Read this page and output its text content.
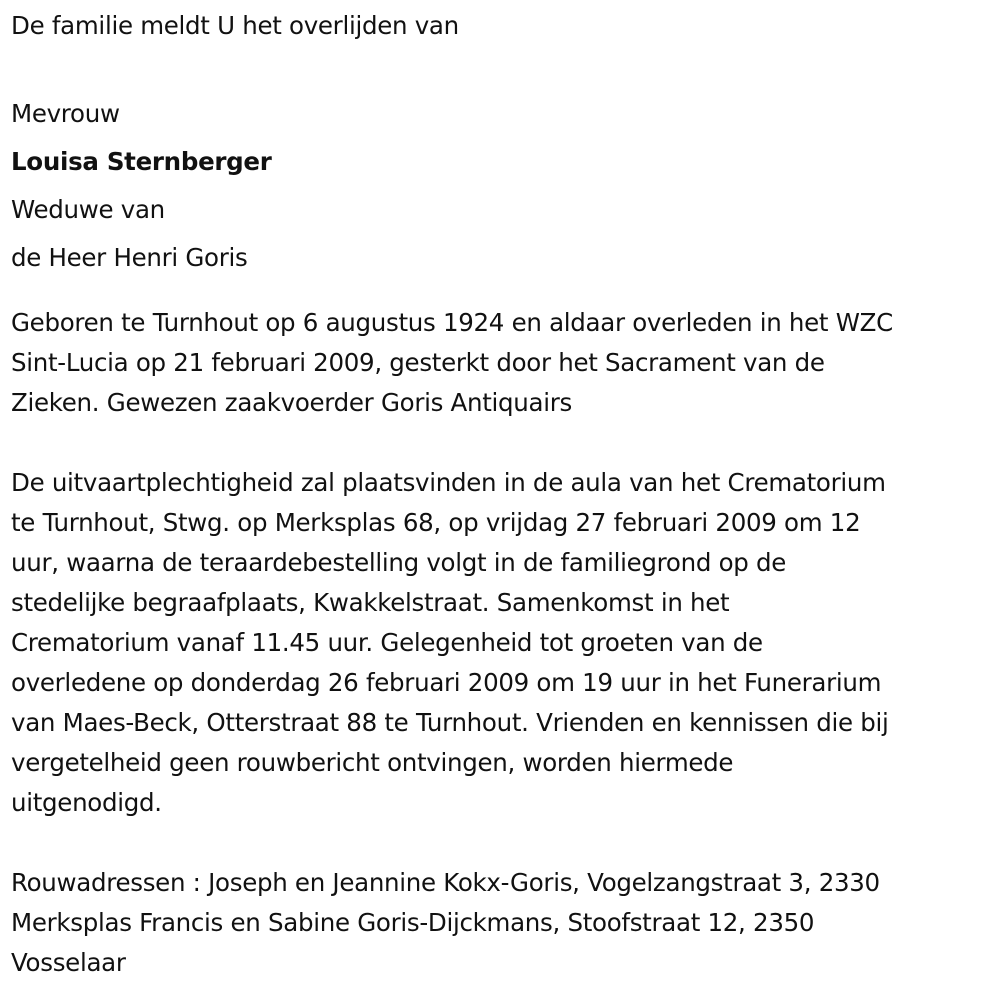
De familie meldt U het overlijden van
Mevrouw
Louisa Sternberger
Weduwe van
de Heer Henri Goris
Geboren te Turnhout op 6 augustus 1924 en aldaar overleden in het WZC
Sint-Lucia op 21 februari 2009, gesterkt door het Sacrament van de
Zieken. Gewezen zaakvoerder Goris Antiquairs
De uitvaartplechtigheid zal plaatsvinden in de aula van het Crematorium
te Turnhout, Stwg. op Merksplas 68, op vrijdag 27 februari 2009 om 12
uur, waarna de teraardebestelling volgt in de familiegrond op de
stedelijke begraafplaats, Kwakkelstraat. Samenkomst in het
Crematorium vanaf 11.45 uur. Gelegenheid tot groeten van de
overledene op donderdag 26 februari 2009 om 19 uur in het Funerarium
van Maes-Beck, Otterstraat 88 te Turnhout. Vrienden en kennissen die bij
vergetelheid geen rouwbericht ontvingen, worden hiermede
uitgenodigd.
Rouwadressen : Joseph en Jeannine Kokx-Goris, Vogelzangstraat 3, 2330
Merksplas Francis en Sabine Goris-Dijckmans, Stoofstraat 12, 2350
Vosselaar
